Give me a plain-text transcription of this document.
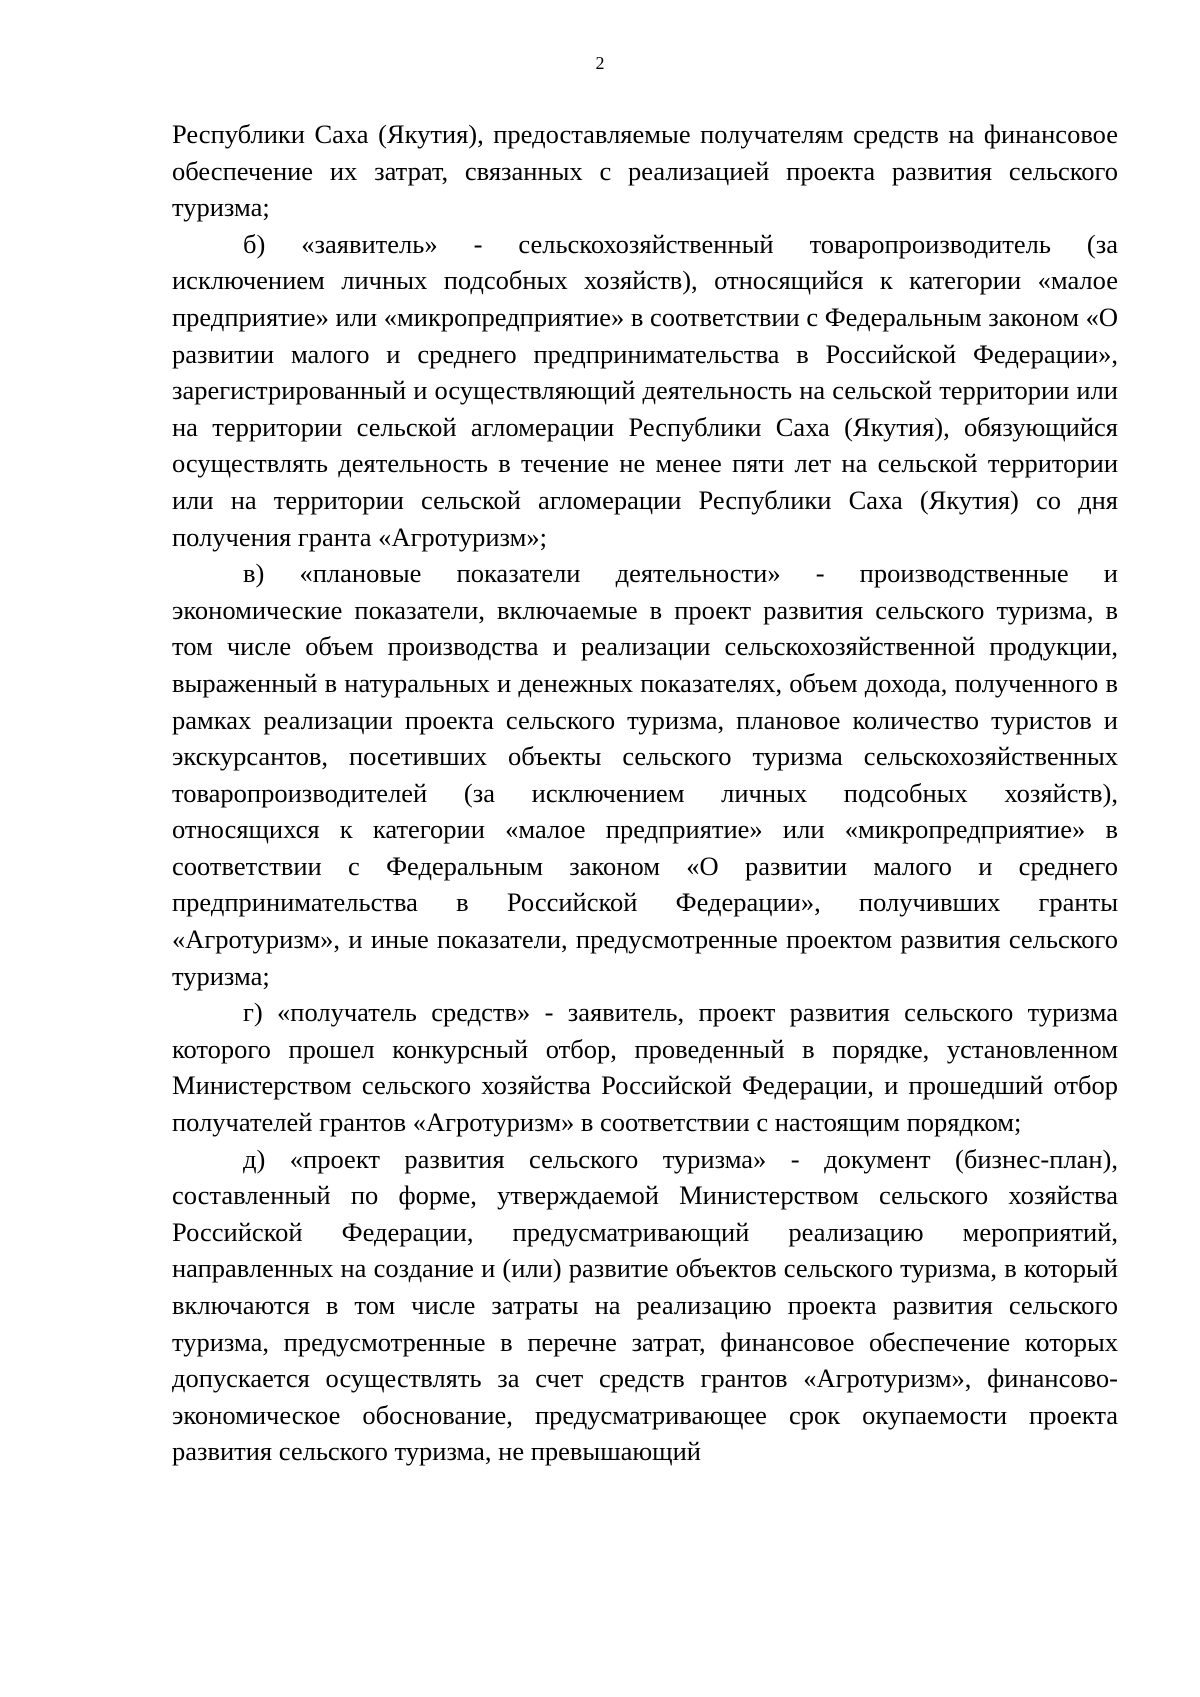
2

Республики Саха (Якутия), предоставляемые получателям средств на финансовое обеспечение их затрат, связанных с реализацией проекта развития сельского туризма;

б) «заявитель» - сельскохозяйственный товаропроизводитель (за исключением личных подсобных хозяйств), относящийся к категории «малое предприятие» или «микропредприятие» в соответствии с Федеральным законом «О развитии малого и среднего предпринимательства в Российской Федерации», зарегистрированный и осуществляющий деятельность на сельской территории или на территории сельской агломерации Республики Саха (Якутия), обязующийся осуществлять деятельность в течение не менее пяти лет на сельской территории или на территории сельской агломерации Республики Саха (Якутия) со дня получения гранта «Агротуризм»;

в) «плановые показатели деятельности» - производственные и экономические показатели, включаемые в проект развития сельского туризма, в том числе объем производства и реализации сельскохозяйственной продукции, выраженный в натуральных и денежных показателях, объем дохода, полученного в рамках реализации проекта сельского туризма, плановое количество туристов и экскурсантов, посетивших объекты сельского туризма сельскохозяйственных товаропроизводителей (за исключением личных подсобных хозяйств), относящихся к категории «малое предприятие» или «микропредприятие» в соответствии с Федеральным законом «О развитии малого и среднего предпринимательства в Российской Федерации», получивших гранты «Агротуризм», и иные показатели, предусмотренные проектом развития сельского туризма;

г) «получатель средств» - заявитель, проект развития сельского туризма которого прошел конкурсный отбор, проведенный в порядке, установленном Министерством сельского хозяйства Российской Федерации, и прошедший отбор получателей грантов «Агротуризм» в соответствии с настоящим порядком;

д) «проект развития сельского туризма» - документ (бизнес-план), составленный по форме, утверждаемой Министерством сельского хозяйства Российской Федерации, предусматривающий реализацию мероприятий, направленных на создание и (или) развитие объектов сельского туризма, в который включаются в том числе затраты на реализацию проекта развития сельского туризма, предусмотренные в перечне затрат, финансовое обеспечение которых допускается осуществлять за счет средств грантов «Агротуризм», финансово-экономическое обоснование, предусматривающее срок окупаемости проекта развития сельского туризма, не превышающий
